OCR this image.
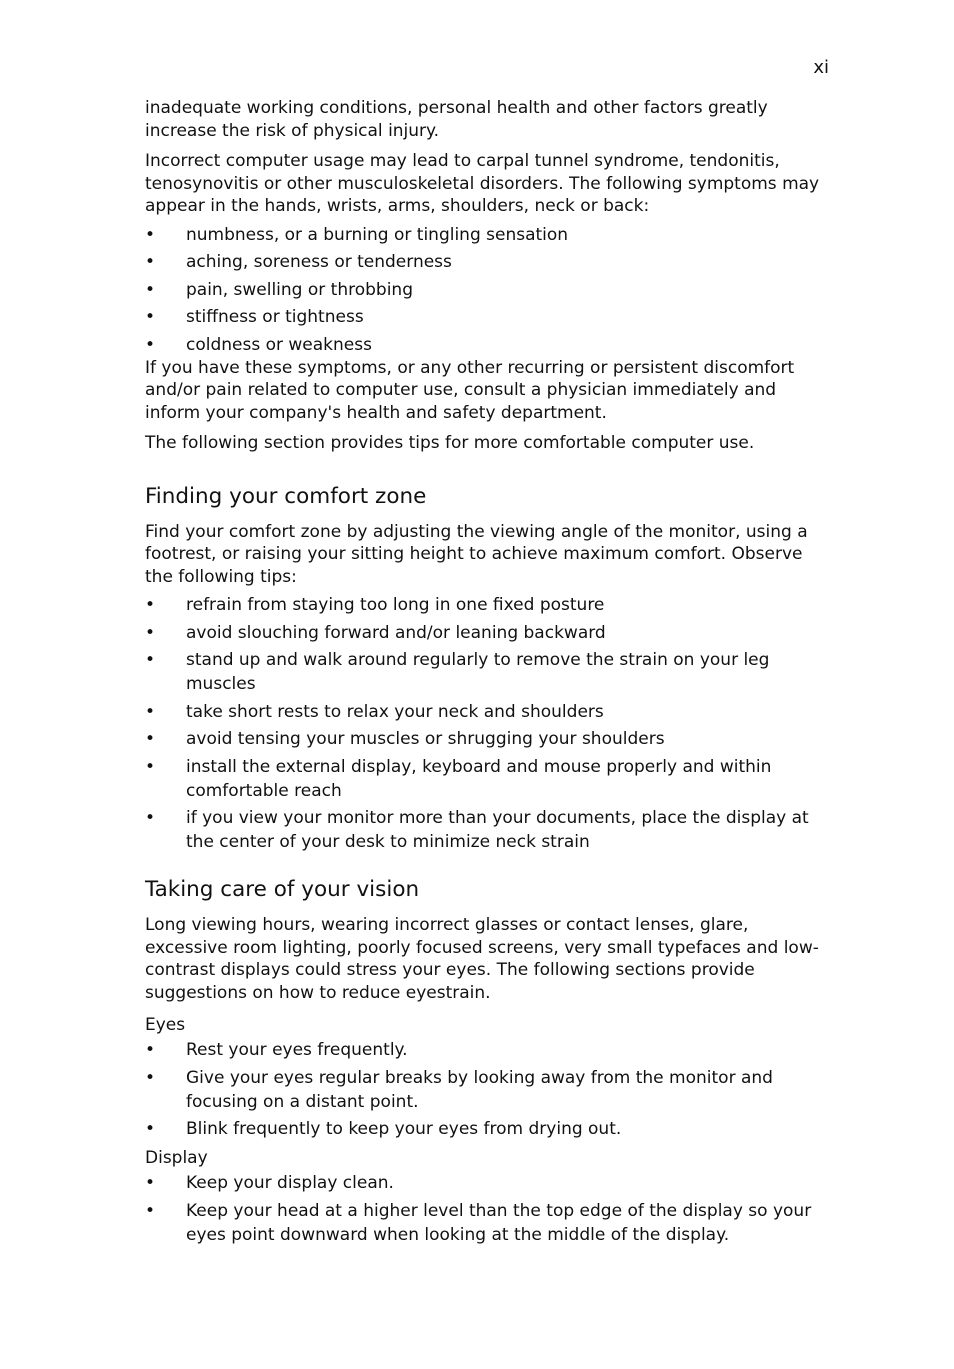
xi

inadequate working conditions, personal health and other factors greatly increase the risk of physical injury.

Incorrect computer usage may lead to carpal tunnel syndrome, tendonitis, tenosynovitis or other musculoskeletal disorders. The following symptoms may appear in the hands, wrists, arms, shoulders, neck or back:

• numbness, or a burning or tingling sensation
• aching, soreness or tenderness
• pain, swelling or throbbing
• stiffness or tightness
• coldness or weakness

If you have these symptoms, or any other recurring or persistent discomfort and/or pain related to computer use, consult a physician immediately and inform your company's health and safety department.

The following section provides tips for more comfortable computer use.

Finding your comfort zone

Find your comfort zone by adjusting the viewing angle of the monitor, using a footrest, or raising your sitting height to achieve maximum comfort. Observe the following tips:

• refrain from staying too long in one fixed posture
• avoid slouching forward and/or leaning backward
• stand up and walk around regularly to remove the strain on your leg muscles
• take short rests to relax your neck and shoulders
• avoid tensing your muscles or shrugging your shoulders
• install the external display, keyboard and mouse properly and within comfortable reach
• if you view your monitor more than your documents, place the display at the center of your desk to minimize neck strain
Taking care of your vision

Long viewing hours, wearing incorrect glasses or contact lenses, glare, excessive room lighting, poorly focused screens, very small typefaces and low-contrast displays could stress your eyes. The following sections provide suggestions on how to reduce eyestrain.

Eyes
• Rest your eyes frequently.
• Give your eyes regular breaks by looking away from the monitor and focusing on a distant point.
• Blink frequently to keep your eyes from drying out.
Display
• Keep your display clean.
• Keep your head at a higher level than the top edge of the display so your eyes point downward when looking at the middle of the display.
